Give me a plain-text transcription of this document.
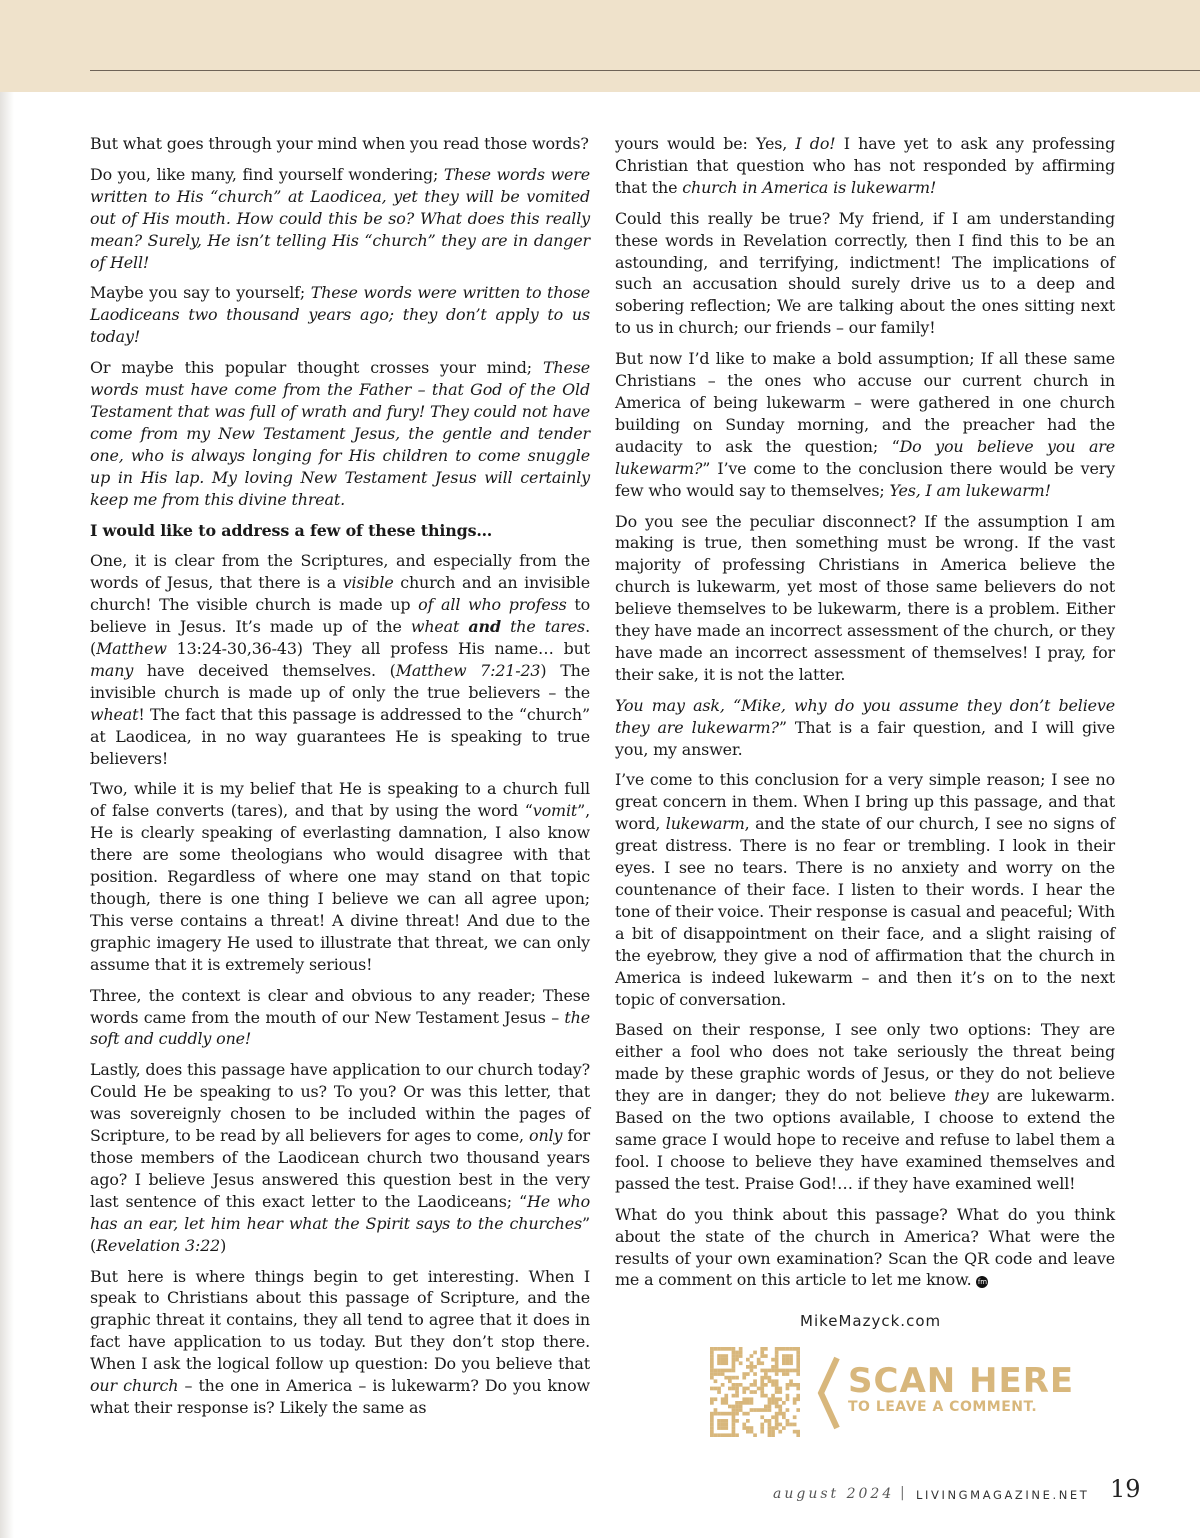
But what goes through your mind when you read those words?

Do you, like many, find yourself wondering; These words were written to His “church” at Laodicea, yet they will be vomited out of His mouth. How could this be so? What does this really mean? Surely, He isn’t telling His “church” they are in danger of Hell!

Maybe you say to yourself; These words were written to those Laodiceans two thousand years ago; they don’t apply to us today!

Or maybe this popular thought crosses your mind; These words must have come from the Father – that God of the Old Testament that was full of wrath and fury! They could not have come from my New Testament Jesus, the gentle and tender one, who is always longing for His children to come snuggle up in His lap. My loving New Testament Jesus will certainly keep me from this divine threat.

I would like to address a few of these things…

One, it is clear from the Scriptures, and especially from the words of Jesus, that there is a visible church and an invisible church! The visible church is made up of all who profess to believe in Jesus. It’s made up of the wheat and the tares. (Matthew 13:24-30,36-43) They all profess His name… but many have deceived themselves. (Matthew 7:21-23) The invisible church is made up of only the true believers – the wheat! The fact that this passage is addressed to the “church” at Laodicea, in no way guarantees He is speaking to true believers!

Two, while it is my belief that He is speaking to a church full of false converts (tares), and that by using the word “vomit”, He is clearly speaking of everlasting damnation, I also know there are some theologians who would disagree with that position. Regardless of where one may stand on that topic though, there is one thing I believe we can all agree upon; This verse contains a threat! A divine threat! And due to the graphic imagery He used to illustrate that threat, we can only assume that it is extremely serious!

Three, the context is clear and obvious to any reader; These words came from the mouth of our New Testament Jesus – the soft and cuddly one!

Lastly, does this passage have application to our church today? Could He be speaking to us? To you? Or was this letter, that was sovereignly chosen to be included within the pages of Scripture, to be read by all believers for ages to come, only for those members of the Laodicean church two thousand years ago? I believe Jesus answered this question best in the very last sentence of this exact letter to the Laodiceans; “He who has an ear, let him hear what the Spirit says to the churches” (Revelation 3:22)

But here is where things begin to get interesting. When I speak to Christians about this passage of Scripture, and the graphic threat it contains, they all tend to agree that it does in fact have application to us today. But they don’t stop there. When I ask the logical follow up question: Do you believe that our church – the one in America – is lukewarm? Do you know what their response is? Likely the same as

yours would be: Yes, I do! I have yet to ask any professing Christian that question who has not responded by affirming that the church in America is lukewarm!

Could this really be true? My friend, if I am understanding these words in Revelation correctly, then I find this to be an astounding, and terrifying, indictment! The implications of such an accusation should surely drive us to a deep and sobering reflection; We are talking about the ones sitting next to us in church; our friends – our family!

But now I’d like to make a bold assumption; If all these same Christians – the ones who accuse our current church in America of being lukewarm – were gathered in one church building on Sunday morning, and the preacher had the audacity to ask the question; “Do you believe you are lukewarm?” I’ve come to the conclusion there would be very few who would say to themselves; Yes, I am lukewarm!

Do you see the peculiar disconnect? If the assumption I am making is true, then something must be wrong. If the vast majority of professing Christians in America believe the church is lukewarm, yet most of those same believers do not believe themselves to be lukewarm, there is a problem. Either they have made an incorrect assessment of the church, or they have made an incorrect assessment of themselves! I pray, for their sake, it is not the latter.

You may ask, “Mike, why do you assume they don’t believe they are lukewarm?” That is a fair question, and I will give you, my answer.

I’ve come to this conclusion for a very simple reason; I see no great concern in them. When I bring up this passage, and that word, lukewarm, and the state of our church, I see no signs of great distress. There is no fear or trembling. I look in their eyes. I see no tears. There is no anxiety and worry on the countenance of their face. I listen to their words. I hear the tone of their voice. Their response is casual and peaceful; With a bit of disappointment on their face, and a slight raising of the eyebrow, they give a nod of affirmation that the church in America is indeed lukewarm – and then it’s on to the next topic of conversation.

Based on their response, I see only two options: They are either a fool who does not take seriously the threat being made by these graphic words of Jesus, or they do not believe they are in danger; they do not believe they are lukewarm. Based on the two options available, I choose to extend the same grace I would hope to receive and refuse to label them a fool. I choose to believe they have examined themselves and passed the test. Praise God!… if they have examined well!

What do you think about this passage? What do you think about the state of the church in America? What were the results of your own examination? Scan the QR code and leave me a comment on this article to let me know. fm

MikeMazyck.com
SCAN HERE
TO LEAVE A COMMENT.
august 2024 | LIVINGMAGAZINE.NET 19
